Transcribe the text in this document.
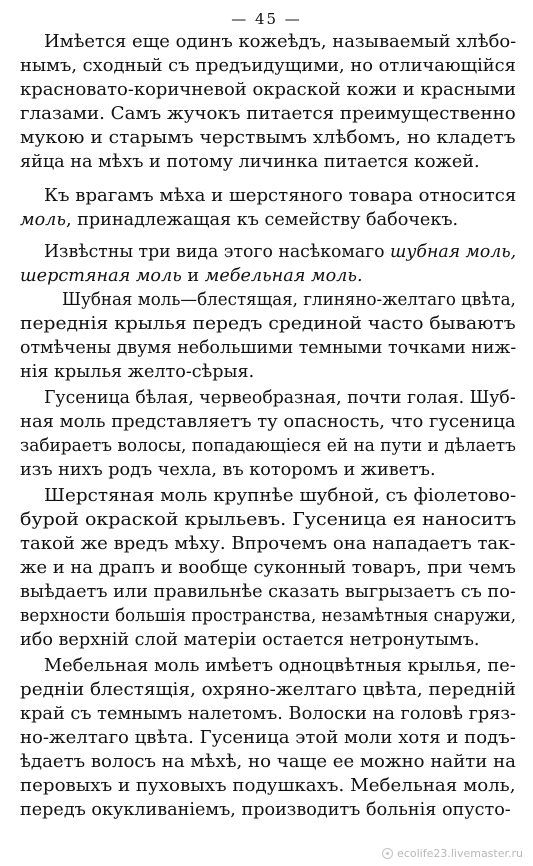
— 45 —
Имѣется еще одинъ кожеѣдъ, называемый хлѣбо-
нымъ, сходный съ предъидущими, но отличающійся
красновато-коричневой окраской кожи и красными
глазами. Самъ жучокъ питается преимущественно
мукою и старымъ черствымъ хлѣбомъ, но кладетъ
яйца на мѣхъ и потому личинка питается кожей.
Къ врагамъ мѣха и шерстяного товара относится
моль, принадлежащая къ семейству бабочекъ.
Извѣстны три вида этого насѣкомаго шубная моль,
шерстяная моль и мебельная моль.
Шубная моль—блестящая, глиняно-желтаго цвѣта,
переднія крылья передъ срединой часто бываютъ
отмѣчены двумя небольшими темными точками ниж-
нія крылья желто-сѣрыя.
Гусеница бѣлая, червеобразная, почти голая. Шуб-
ная моль представляетъ ту опасность, что гусеница
забираетъ волосы, попадающіеся ей на пути и дѣлаетъ
изъ нихъ родъ чехла, въ которомъ и живетъ.
Шерстяная моль крупнѣе шубной, съ фіолетово-
бурой окраской крыльевъ. Гусеница ея наноситъ
такой же вредъ мѣху. Впрочемъ она нападаетъ так-
же и на драпъ и вообще суконный товаръ, при чемъ
выѣдаетъ или правильнѣе сказать выгрызаетъ съ по-
верхности большія пространства, незамѣтныя снаружи,
ибо верхній слой матеріи остается нетронутымъ.
Мебельная моль имѣетъ одноцвѣтныя крылья, пе-
редніи блестящія, охряно-желтаго цвѣта, передній
край съ темнымъ налетомъ. Волоски на головѣ гряз-
но-желтаго цвѣта. Гусеница этой моли хотя и подъ-
ѣдаетъ волосъ на мѣхѣ, но чаще ее можно найти на
перовыхъ и пуховыхъ подушкахъ. Мебельная моль,
передъ окукливаніемъ, производитъ больнія опусто-
ecolife23.livemaster.ru
